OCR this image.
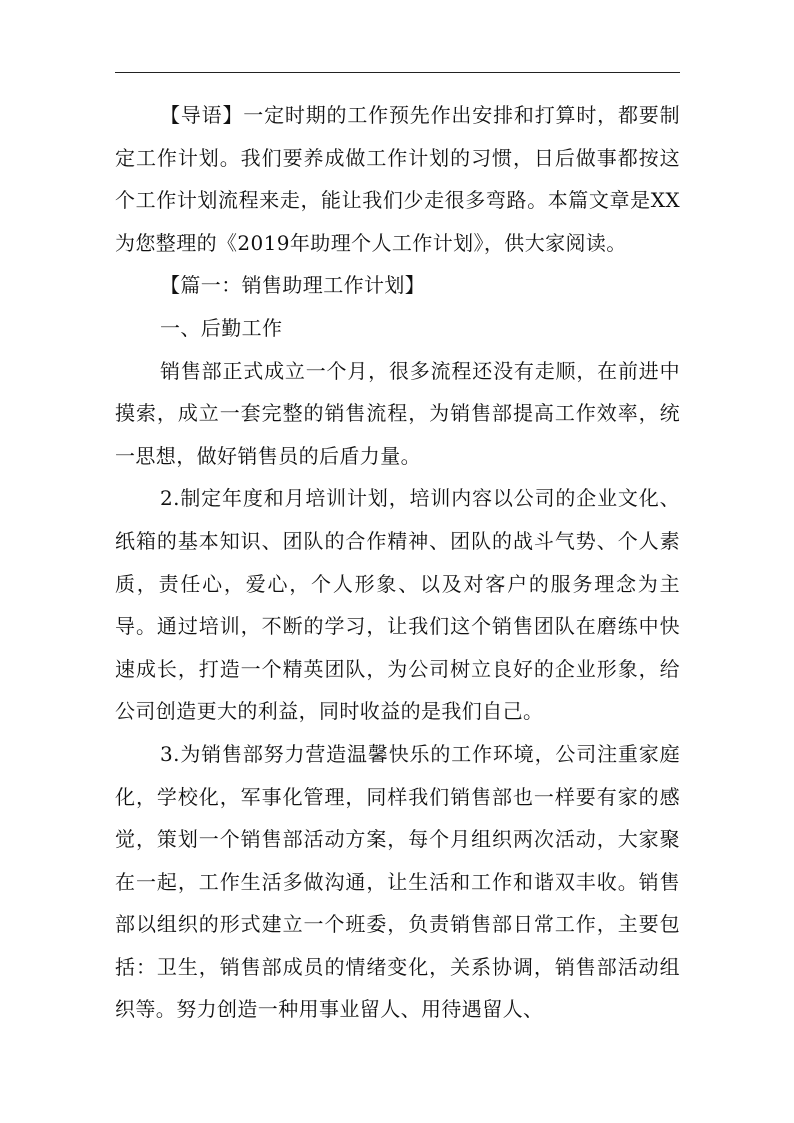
【导语】一定时期的工作预先作出安排和打算时，都要制定工作计划。我们要养成做工作计划的习惯，日后做事都按这个工作计划流程来走，能让我们少走很多弯路。本篇文章是XX为您整理的《2019年助理个人工作计划》，供大家阅读。

【篇一：销售助理工作计划】

一、后勤工作

销售部正式成立一个月，很多流程还没有走顺，在前进中摸索，成立一套完整的销售流程，为销售部提高工作效率，统一思想，做好销售员的后盾力量。

2.制定年度和月培训计划，培训内容以公司的企业文化、纸箱的基本知识、团队的合作精神、团队的战斗气势、个人素质，责任心，爱心，个人形象、以及对客户的服务理念为主导。通过培训，不断的学习，让我们这个销售团队在磨练中快速成长，打造一个精英团队，为公司树立良好的企业形象，给公司创造更大的利益，同时收益的是我们自己。

3.为销售部努力营造温馨快乐的工作环境，公司注重家庭化，学校化，军事化管理，同样我们销售部也一样要有家的感觉，策划一个销售部活动方案，每个月组织两次活动，大家聚在一起，工作生活多做沟通，让生活和工作和谐双丰收。销售部以组织的形式建立一个班委，负责销售部日常工作，主要包括：卫生，销售部成员的情绪变化，关系协调，销售部活动组织等。努力创造一种用事业留人、用待遇留人、
